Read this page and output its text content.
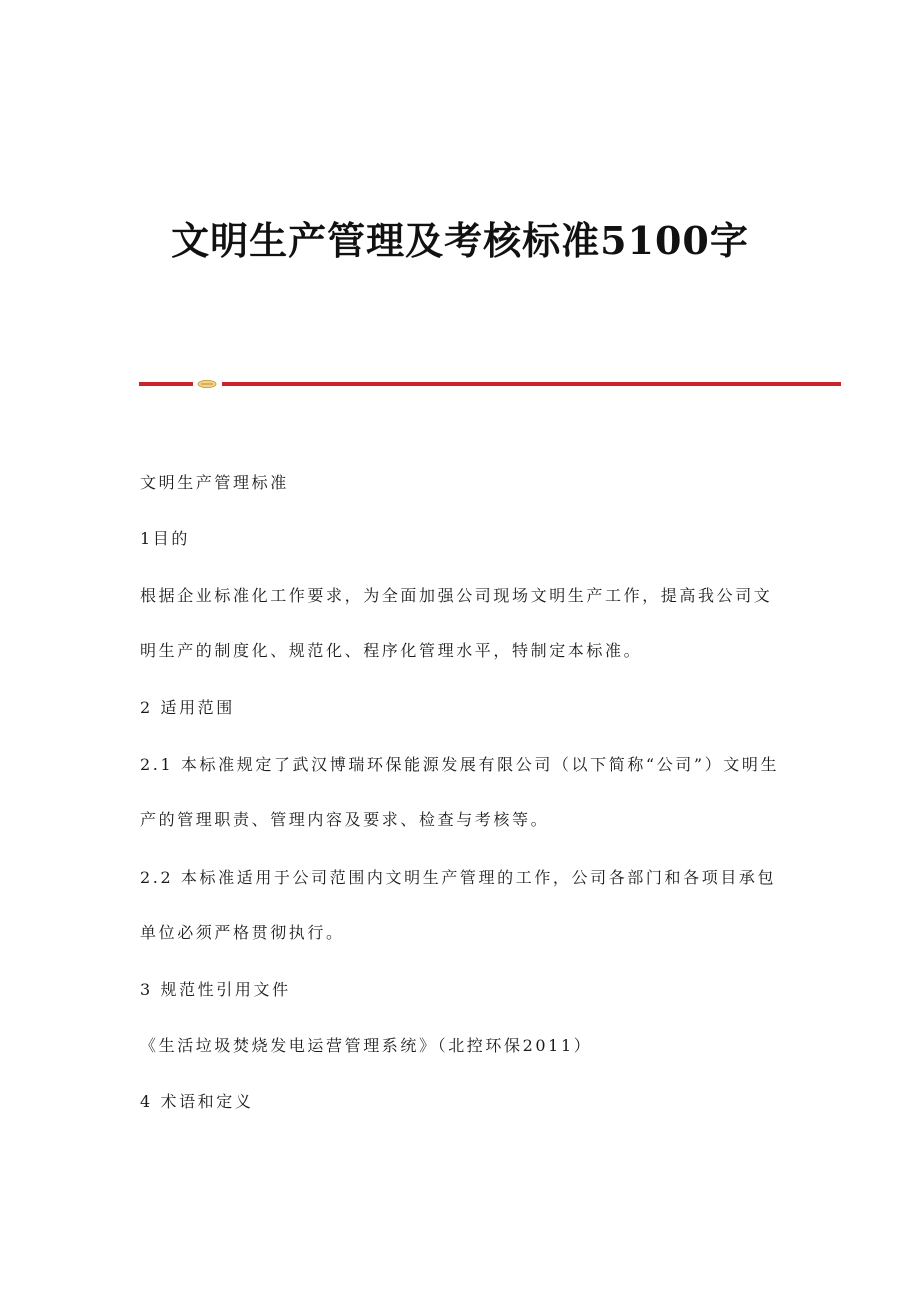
文明生产管理及考核标准5100字
文明生产管理标准
1目的
根据企业标准化工作要求，为全面加强公司现场文明生产工作，提高我公司文明生产的制度化、规范化、程序化管理水平，特制定本标准。
2 适用范围
2.1 本标准规定了武汉博瑞环保能源发展有限公司（以下简称“公司”）文明生产的管理职责、管理内容及要求、检查与考核等。
2.2 本标准适用于公司范围内文明生产管理的工作，公司各部门和各项目承包单位必须严格贯彻执行。
3 规范性引用文件
《生活垃圾焚烧发电运营管理系统》（北控环保2011）
4 术语和定义
